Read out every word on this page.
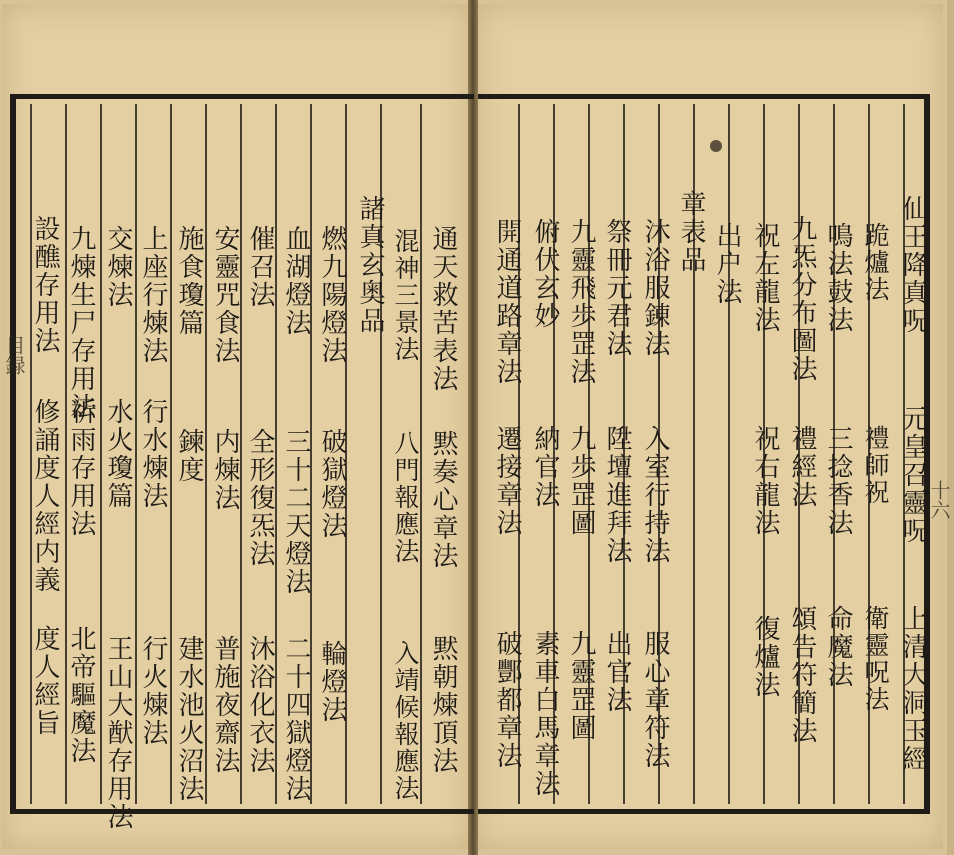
通天救苦表法
黙奏心章法
黙朝煉頂法
混神三景法
八門報應法
入靖候報應法
諸真玄奥品
燃九陽燈法
破獄燈法
輪燈法
血湖燈法
三十二天燈法
二十四獄燈法
催召法
全形復炁法
沐浴化衣法
安靈咒食法
内煉法
普施夜齋法
施食瓊篇
鍊度
建水池火沼法
上座行煉法
行水煉法
行火煉法
交煉法
水火瓊篇
王山大猷存用法
九煉生尸存用法
祈雨存用法
北帝驅魔法
設醮存用法
修誦度人經内義
度人經旨
目録
仙王降真呪
元皇召靈呪
上清大洞玉經
跪爐法
禮師祝
衛靈呪法
鳴法鼓法
三捻香法
命魔法
九炁分布圖法
禮經法
頌告符簡法
祝左龍法
祝右龍法
復爐法
出户法
章表品
沐浴服錬法
入室行持法
服心章符法
祭冊元君法
陞壇進拜法
出官法
九靈飛歩罡法
九歩罡圖
九靈罡圖
俯伏玄妙
納官法
素車白馬章法
開通道路章法
遷接章法
破酆都章法
十六
